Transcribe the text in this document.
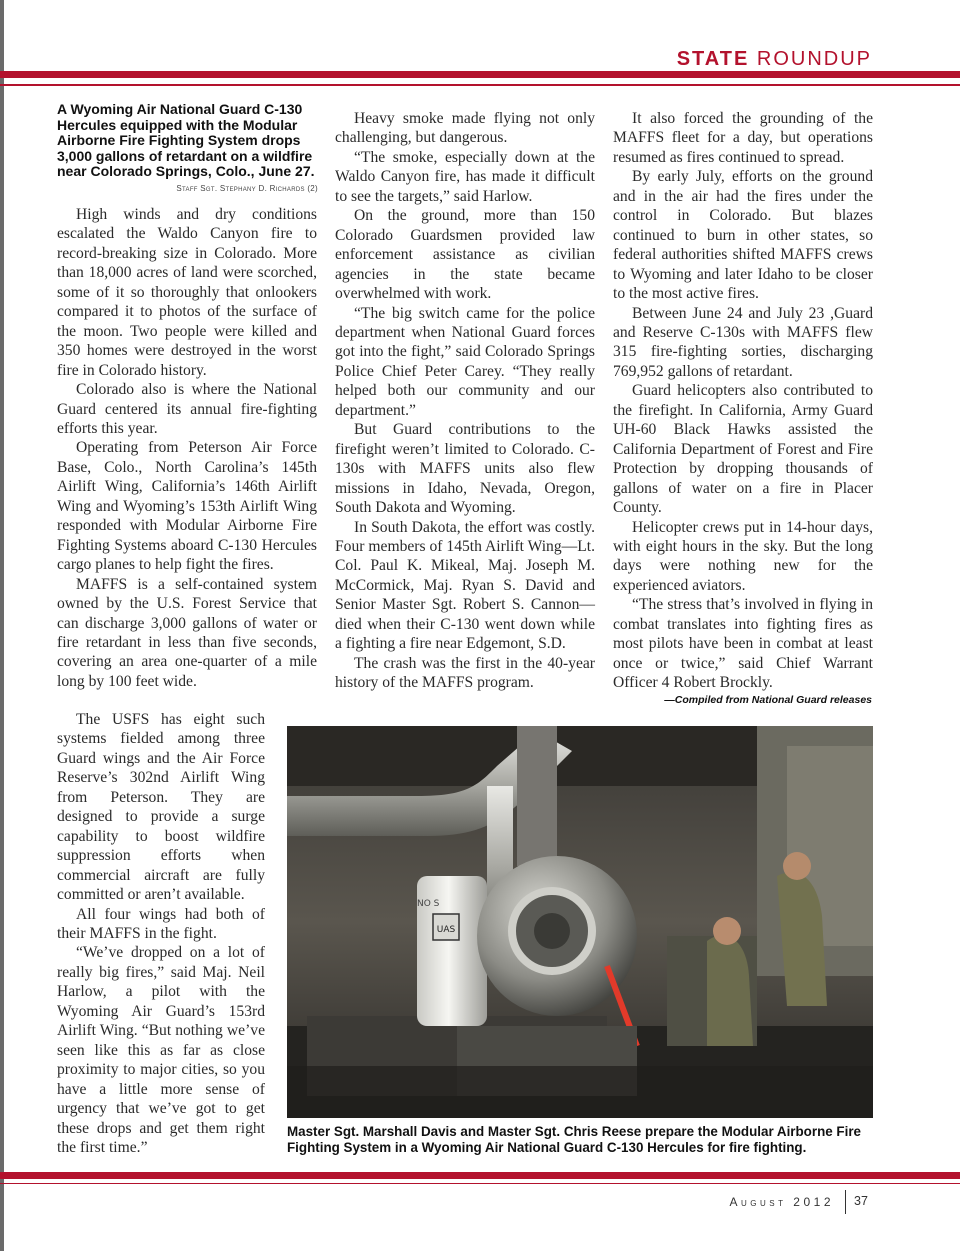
STATE ROUNDUP
A Wyoming Air National Guard C-130 Hercules equipped with the Modular Airborne Fire Fighting System drops 3,000 gallons of retardant on a wildfire near Colorado Springs, Colo., June 27.
Staff Sgt. Stephany D. Richards (2)

High winds and dry conditions escalated the Waldo Canyon fire to record-breaking size in Colorado. More than 18,000 acres of land were scorched, some of it so thoroughly that onlookers compared it to photos of the surface of the moon. Two people were killed and 350 homes were destroyed in the worst fire in Colorado history.

Colorado also is where the National Guard centered its annual fire-fighting efforts this year.

Operating from Peterson Air Force Base, Colo., North Carolina’s 145th Airlift Wing, California’s 146th Airlift Wing and Wyoming’s 153th Airlift Wing responded with Modular Airborne Fire Fighting Systems aboard C-130 Hercules cargo planes to help fight the fires.

MAFFS is a self-contained system owned by the U.S. Forest Service that can discharge 3,000 gallons of water or fire retardant in less than five seconds, covering an area one-quarter of a mile long by 100 feet wide.

The USFS has eight such systems fielded among three Guard wings and the Air Force Reserve’s 302nd Airlift Wing from Peterson. They are designed to provide a surge capability to boost wildfire suppression efforts when commercial aircraft are fully committed or aren’t available.

All four wings had both of their MAFFS in the fight.

“We’ve dropped on a lot of really big fires,” said Maj. Neil Harlow, a pilot with the Wyoming Air Guard’s 153rd Airlift Wing. “But nothing we’ve seen like this as far as close proximity to major cities, so you have a little more sense of urgency that we’ve got to get these drops and get them right the first time.”

Heavy smoke made flying not only challenging, but dangerous.

“The smoke, especially down at the Waldo Canyon fire, has made it difficult to see the targets,” said Harlow.

On the ground, more than 150 Colorado Guardsmen provided law enforcement assistance as civilian agencies in the state became overwhelmed with work.

“The big switch came for the police department when National Guard forces got into the fight,” said Colorado Springs Police Chief Peter Carey. “They really helped both our community and our department.”

But Guard contributions to the firefight weren’t limited to Colorado. C-130s with MAFFS units also flew missions in Idaho, Nevada, Oregon, South Dakota and Wyoming.

In South Dakota, the effort was costly. Four members of 145th Airlift Wing—Lt. Col. Paul K. Mikeal, Maj. Joseph M. McCormick, Maj. Ryan S. David and Senior Master Sgt. Robert S. Cannon—died when their C-130 went down while a fighting a fire near Edgemont, S.D.

The crash was the first in the 40-year history of the MAFFS program.

It also forced the grounding of the MAFFS fleet for a day, but operations resumed as fires continued to spread.

By early July, efforts on the ground and in the air had the fires under the control in Colorado. But blazes continued to burn in other states, so federal authorities shifted MAFFS crews to Wyoming and later Idaho to be closer to the most active fires.

Between June 24 and July 23 ,Guard and Reserve C-130s with MAFFS flew 315 fire-fighting sorties, discharging 769,952 gallons of retardant.

Guard helicopters also contributed to the firefight. In California, Army Guard UH-60 Black Hawks assisted the California Department of Forest and Fire Protection by dropping thousands of gallons of water on a fire in Placer County.

Helicopter crews put in 14-hour days, with eight hours in the sky. But the long days were nothing new for the experienced aviators.

“The stress that’s involved in flying in combat translates into fighting fires as most pilots have been in combat at least once or twice,” said Chief Warrant Officer 4 Robert Brockly.

—Compiled from National Guard releases
UAS
NO S
Master Sgt. Marshall Davis and Master Sgt. Chris Reese prepare the Modular Airborne Fire Fighting System in a Wyoming Air National Guard C-130 Hercules for fire fighting.
August 2012 37
